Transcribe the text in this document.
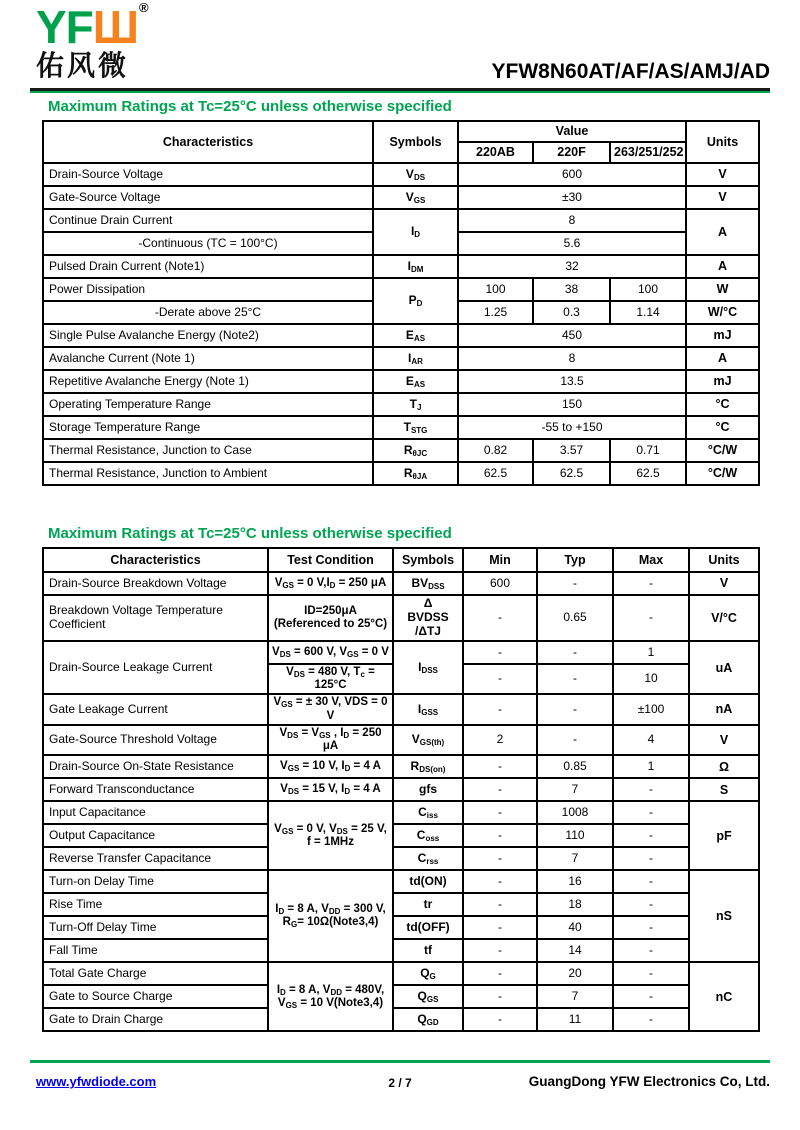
YFШ®
佑风微	YFW8N60AT/AF/AS/AMJ/AD
Maximum Ratings at Tc=25°C unless otherwise specified
Characteristics	Symbols	Value			Units
		220AB	220F	263/251/252	
Drain-Source Voltage	$V_{DS}$	600			V
Gate-Source Voltage	$V_{GS}$	±30			V
Continue Drain Current	$I_D$	8			A
-Continuous (TC = 100°C)		5.6			
Pulsed Drain Current (Note1)	$I_{DM}$	32			A
Power Dissipation	$P_D$	100	38	100	W
-Derate above 25°C		1.25	0.3	1.14	W/°C
Single Pulse Avalanche Energy (Note2)	$E_{AS}$	450			mJ
Avalanche Current (Note 1)	$I_{AR}$	8			A
Repetitive Avalanche Energy (Note 1)	$E_{AS}$	13.5			mJ
Operating Temperature Range	$T_J$	150			°C
Storage Temperature Range	$T_{STG}$	-55 to +150			°C
Thermal Resistance, Junction to Case	$R_{\theta JC}$	0.82	3.57	0.71	°C/W
Thermal Resistance, Junction to Ambient	$R_{\theta JA}$	62.5	62.5	62.5	°C/W
Maximum Ratings at Tc=25°C unless otherwise specified
Characteristics	Test Condition	Symbols	Min	Typ	Max	Units
Drain-Source Breakdown Voltage	$V_{GS} = 0$ $V,I_D = 250$ μA	$BV_{DSS}$	600	-	-	V
Breakdown Voltage Temperature Coefficient	ID=250μA
(Referenced to 25°C)	Δ
BVDSS
/ΔTJ	-	0.65	-	V/°C
Drain-Source Leakage Current	$V_{DS} = 600$ V, $V_{GS} = 0$ V	$I_{DSS}$	-	-	1	uA
	$V_{DS} = 480$ V, $T_c = 125^\circ C$		-	-	10	
Gate Leakage Current	$V_{GS}$ = ± 30 V, VDS = 0 V	$I_{GSS}$	-	-	±100	nA
Gate-Source Threshold Voltage	$V_{DS} = V_{GS}$ , $I_D = 250$ μA	$V_{GS(th)}$	2	-	4	V
Drain-Source On-State Resistance	$V_{GS} = 10$ V, $I_D = 4$ A	$R_{DS(on)}$	-	0.85	1	Ω
Forward Transconductance	$V_{DS} = 15$ V, $I_D = 4$ A	gfs	-	7	-	S
Input Capacitance	$V_{GS} = 0$ V, $V_{DS} = 25$ V,
f = 1MHz	$C_{iss}$	-	1008	-	pF
Output Capacitance		$C_{oss}$	-	110	-	
Reverse Transfer Capacitance		$C_{rss}$	-	7	-	
Turn-on Delay Time	$I_D = 8$ A, $V_{DD} = 300$ V,
$R_G=$ 10Ω(Note3,4)	td(ON)	-	16	-	nS
Rise Time		tr	-	18	-	
Turn-Off Delay Time		td(OFF)	-	40	-	
Fall Time		tf	-	14	-	
Total Gate Charge	$I_D = 8$ A, $V_{DD} = 480V$,
$V_{GS} = 10$ V(Note3,4)	$Q_G$	-	20	-	nC
Gate to Source Charge		$Q_{GS}$	-	7	-	
Gate to Drain Charge		$Q_{GD}$	-	11	-	
www.yfwdiode.com	2 / 7	GuangDong YFW Electronics Co, Ltd.
